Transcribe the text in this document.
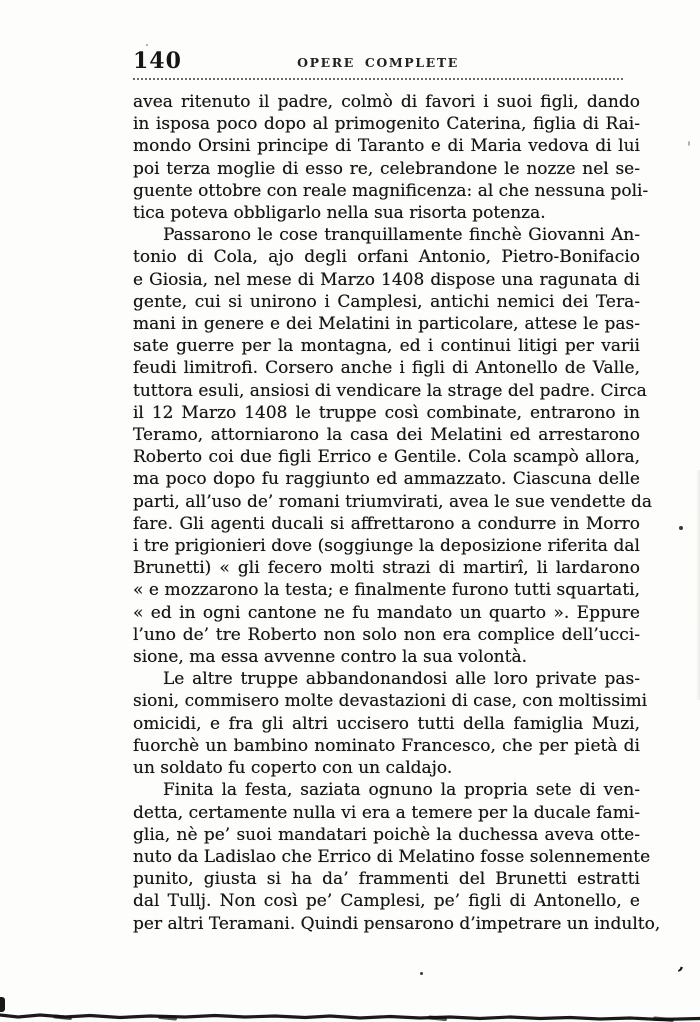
140	OPERE COMPLETE
avea ritenuto il padre, colmò di favori i suoi figli, dando
in isposa poco dopo al primogenito Caterina, figlia di Rai-
mondo Orsini principe di Taranto e di Maria vedova di lui
poi terza moglie di esso re, celebrandone le nozze nel se-
guente ottobre con reale magnificenza: al che nessuna poli-
tica poteva obbligarlo nella sua risorta potenza.
Passarono le cose tranquillamente finchè Giovanni An-
tonio di Cola, ajo degli orfani Antonio, Pietro-Bonifacio
e Giosia, nel mese di Marzo 1408 dispose una ragunata di
gente, cui si unirono i Camplesi, antichi nemici dei Tera-
mani in genere e dei Melatini in particolare, attese le pas-
sate guerre per la montagna, ed i continui litigi per varii
feudi limitrofi. Corsero anche i figli di Antonello de Valle,
tuttora esuli, ansiosi di vendicare la strage del padre. Circa
il 12 Marzo 1408 le truppe così combinate, entrarono in
Teramo, attorniarono la casa dei Melatini ed arrestarono
Roberto coi due figli Errico e Gentile. Cola scampò allora,
ma poco dopo fu raggiunto ed ammazzato. Ciascuna delle
parti, all’uso de’ romani triumvirati, avea le sue vendette da
fare. Gli agenti ducali si affrettarono a condurre in Morro
i tre prigionieri dove (soggiunge la deposizione riferita dal
Brunetti) « gli fecero molti strazi di martirî, li lardarono
« e mozzarono la testa; e finalmente furono tutti squartati,
« ed in ogni cantone ne fu mandato un quarto ». Eppure
l’uno de’ tre Roberto non solo non era complice dell’ucci-
sione, ma essa avvenne contro la sua volontà.
Le altre truppe abbandonandosi alle loro private pas-
sioni, commisero molte devastazioni di case, con moltissimi
omicidi, e fra gli altri uccisero tutti della famiglia Muzi,
fuorchè un bambino nominato Francesco, che per pietà di
un soldato fu coperto con un caldajo.
Finita la festa, saziata ognuno la propria sete di ven-
detta, certamente nulla vi era a temere per la ducale fami-
glia, nè pe’ suoi mandatari poichè la duchessa aveva otte-
nuto da Ladislao che Errico di Melatino fosse solennemente
punito, giusta si ha da’ frammenti del Brunetti estratti
dal Tullj. Non così pe’ Camplesi, pe’ figli di Antonello, e
per altri Teramani. Quindi pensarono d’impetrare un indulto,
,
